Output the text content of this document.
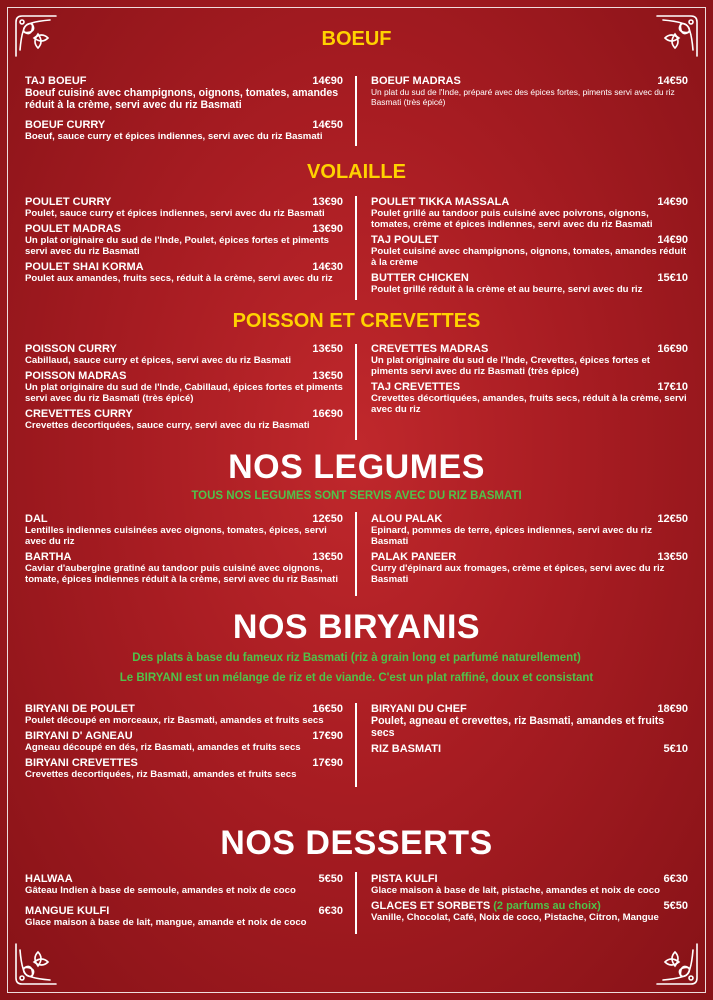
BOEUF
TAJ BOEUF	14€90
Boeuf cuisiné avec champignons, oignons, tomates, amandes réduit à la crème, servi avec du riz Basmati
BOEUF CURRY	14€50
Boeuf, sauce curry et épices indiennes, servi avec du riz Basmati
BOEUF MADRAS	14€50
Un plat du sud de l'Inde, préparé avec des épices fortes, piments servi avec du riz Basmati (très épicé)
VOLAILLE
POULET CURRY	13€90
Poulet, sauce curry et épices indiennes, servi avec du riz Basmati
POULET MADRAS	13€90
Un plat originaire du sud de l'Inde, Poulet, épices fortes et piments servi avec du riz Basmati
POULET SHAI KORMA	14€30
Poulet aux amandes, fruits secs, réduit à la crème, servi avec du riz
POULET TIKKA MASSALA	14€90
Poulet grillé au tandoor puis cuisiné avec poivrons, oignons, tomates, crème et épices indiennes, servi avec du riz Basmati
TAJ POULET	14€90
Poulet cuisiné avec champignons, oignons, tomates, amandes réduit à la crème
BUTTER CHICKEN	15€10
Poulet grillé réduit à la crème et au beurre, servi avec du riz
POISSON ET CREVETTES
POISSON CURRY	13€50
Cabillaud, sauce curry et épices, servi avec du riz Basmati
POISSON MADRAS	13€50
Un plat originaire du sud de l'Inde, Cabillaud, épices fortes et piments servi avec du riz Basmati (très épicé)
CREVETTES CURRY	16€90
Crevettes decortiquées, sauce curry, servi avec du riz Basmati
CREVETTES MADRAS	16€90
Un plat originaire du sud de l'Inde, Crevettes, épices fortes et piments servi avec du riz Basmati (très épicé)
TAJ CREVETTES	17€10
Crevettes décortiquées, amandes, fruits secs, réduit à la crème, servi avec du riz
NOS LEGUMES
TOUS NOS LEGUMES SONT SERVIS AVEC DU RIZ BASMATI
DAL	12€50
Lentilles indiennes cuisinées avec oignons, tomates, épices, servi avec du riz
BARTHA	13€50
Caviar d'aubergine gratiné au tandoor puis cuisiné avec oignons, tomate, épices indiennes réduit à la crème, servi avec du riz Basmati
ALOU PALAK	12€50
Epinard, pommes de terre, épices indiennes, servi avec du riz Basmati
PALAK PANEER	13€50
Curry d'épinard aux fromages, crème et épices, servi avec du riz Basmati
NOS BIRYANIS
Des plats à base du fameux riz Basmati (riz à grain long et parfumé naturellement)
Le BIRYANI est un mélange de riz et de viande. C'est un plat raffiné, doux et consistant
BIRYANI DE POULET	16€50
Poulet découpé en morceaux, riz Basmati, amandes et fruits secs
BIRYANI D' AGNEAU	17€90
Agneau découpé en dés, riz Basmati, amandes et fruits secs
BIRYANI CREVETTES	17€90
Crevettes decortiquées, riz Basmati, amandes et fruits secs
BIRYANI DU CHEF	18€90
Poulet, agneau et crevettes, riz Basmati, amandes et fruits secs
RIZ BASMATI	5€10
NOS DESSERTS
HALWAA	5€50
Gâteau Indien à base de semoule, amandes et noix de coco
MANGUE KULFI	6€30
Glace maison à base de lait, mangue, amande et noix de coco
PISTA KULFI	6€30
Glace maison à base de lait, pistache, amandes et noix de coco
GLACES ET SORBETS (2 parfums au choix)	5€50
Vanille, Chocolat, Café, Noix de coco, Pistache, Citron, Mangue
